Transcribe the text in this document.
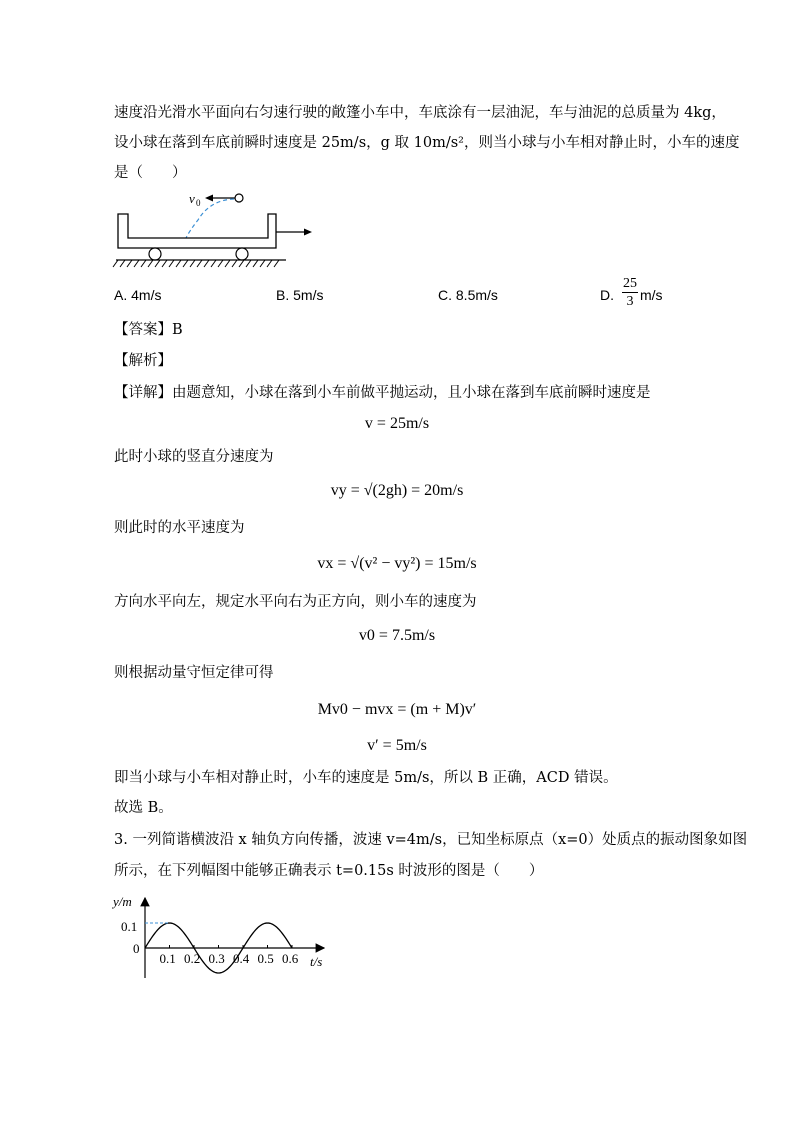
速度沿光滑水平面向右匀速行驶的敞篷小车中，车底涂有一层油泥，车与油泥的总质量为 4kg，
设小球在落到车底前瞬时速度是 25m/s，g 取 10m/s²，则当小球与小车相对静止时，小车的速度
是（　　）
v 0
A. 4m/s	B. 5m/s	C. 8.5m/s	D. $\frac{25}{3} m/s$
【答案】B
【解析】
【详解】由题意知，小球在落到小车前做平抛运动，且小球在落到车底前瞬时速度是
v = 25m/s
此时小球的竖直分速度为
vy = √(2gh) = 20m/s
则此时的水平速度为
vx = √(v² − vy²) = 15m/s
方向水平向左，规定水平向右为正方向，则小车的速度为
v0 = 7.5m/s
则根据动量守恒定律可得
Mv0 − mvx = (m + M)v′
v′ = 5m/s
即当小球与小车相对静止时，小车的速度是 5m/s，所以 B 正确，ACD 错误。
故选 B。
3. 一列简谐横波沿 x 轴负方向传播，波速 v=4m/s，已知坐标原点（x=0）处质点的振动图象如图
所示，在下列幅图中能够正确表示 t=0.15s 时波形的图是（　　）
y/m
t/s
0
0.1
0.1 0.2 0.3 0.4 0.5 0.6
